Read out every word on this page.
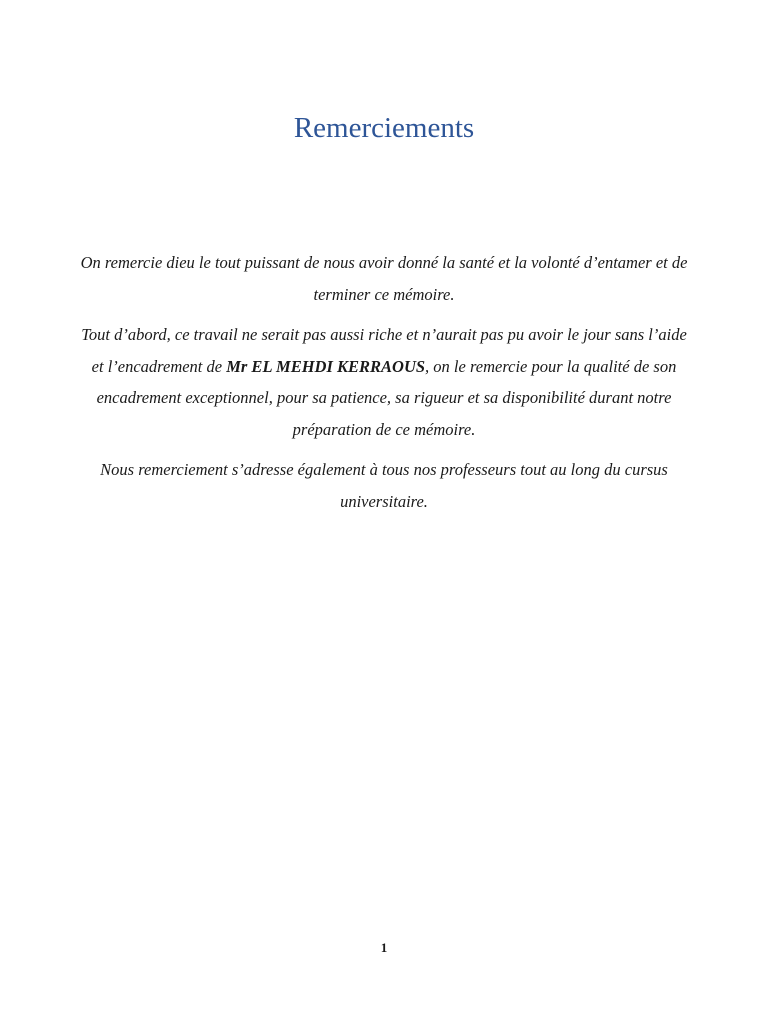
Remerciements

On remercie dieu le tout puissant de nous avoir donné la santé et la volonté d’entamer et de terminer ce mémoire.

Tout d’abord, ce travail ne serait pas aussi riche et n’aurait pas pu avoir le jour sans l’aide et l’encadrement de Mr EL MEHDI KERRAOUS, on le remercie pour la qualité de son encadrement exceptionnel, pour sa patience, sa rigueur et sa disponibilité durant notre préparation de ce mémoire.

Nous remerciement s’adresse également à tous nos professeurs tout au long du cursus universitaire.

1
